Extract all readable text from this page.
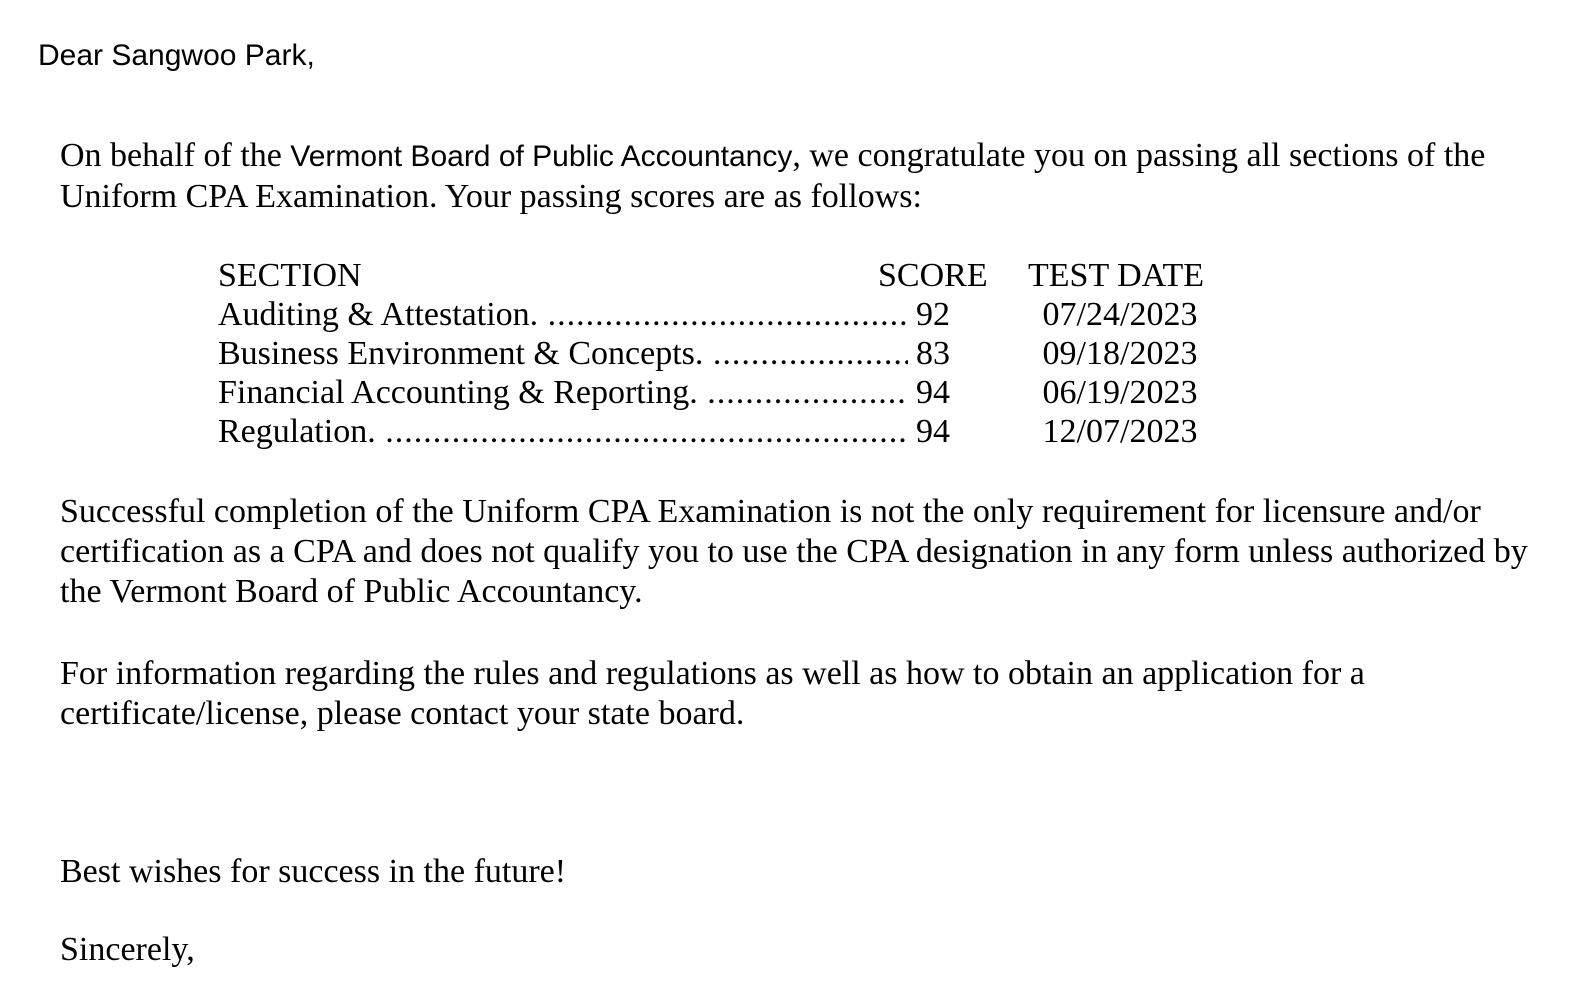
Dear Sangwoo Park,

On behalf of the Vermont Board of Public Accountancy, we congratulate you on passing all sections of the Uniform CPA Examination. Your passing scores are as follows:

SECTION	SCORE TEST DATE
Auditing & Attestation. .....	92	07/24/2023
Business Environment & Concepts. .....	83	09/18/2023
Financial Accounting & Reporting. .....	94	06/19/2023
Regulation. .....	94	12/07/2023

Successful completion of the Uniform CPA Examination is not the only requirement for licensure and/or certification as a CPA and does not qualify you to use the CPA designation in any form unless authorized by the Vermont Board of Public Accountancy.

For information regarding the rules and regulations as well as how to obtain an application for a certificate/license, please contact your state board.

Best wishes for success in the future!

Sincerely,
